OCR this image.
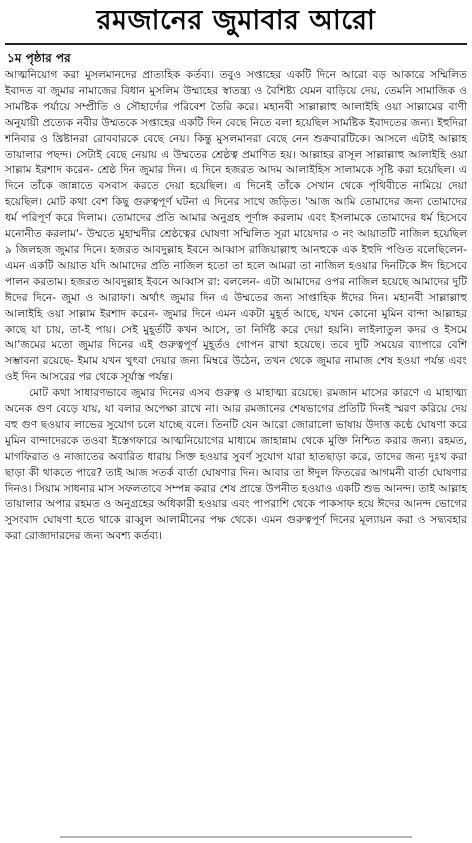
রমজানের জুমাবার আরো
১ম পৃষ্ঠার পর

আত্মনিয়োগ করা মুসলমানদের প্রাত্যহিক কর্তব্য। তবুও সপ্তাহের একটি দিনে আরো বড় আকারে সম্মিলিত ইবাদত বা জুমার নামাজের বিধান মুসলিম উম্মাহের স্বাতন্ত্র্য ও বৈশিষ্ট্য যেমন বাড়িয়ে দেয়, তেমনি সামাজিক ও সামষ্টিক পর্যায়ে সম্প্রীতি ও সৌহার্দ্যের পরিবেশ তৈরি করে। মহানবী সাল্লাল্লাহু আলাইহি ওয়া সাল্লামের বাণী অনুযায়ী প্রত্যেক নবীর উম্মতকে সপ্তাহের একটি দিন বেছে নিতে বলা হয়েছিল সামষ্টিক ইবাদতের জন্য। ইহুদিরা শনিবার ও খ্রিষ্টানরা রোববারকে বেছে নেয়। কিন্তু মুসলমানরা বেছে নেন শুক্রবারটিকে। আসলে এটাই আল্লাহ তায়ালার পছন্দ। সেটাই বেছে নেয়ায় এ উম্মতের শ্রেষ্ঠত্ব প্রমাণিত হয়। আল্লাহর রাসূল সাল্লাল্লাহু আলাইহি ওয়া সাল্লাম ইরশাদ করেন- শ্রেষ্ঠ দিন জুমার দিন। এ দিনে হজরত আদম আলাইহিস সালামকে সৃষ্টি করা হয়েছিল। এ দিনে তাঁকে জান্নাতে বসবাস করতে দেয়া হয়েছিল। এ দিনেই তাঁকে সেখান থেকে পৃথিবীতে নামিয়ে দেয়া হয়েছিল। মোট কথা বেশ কিছু গুরুত্বপূর্ণ ঘটনা এ দিনের সাথে জড়িত। 'আজ আমি তোমাদের জন্য তোমাদের ধর্ম পরিপূর্ণ করে দিলাম। তোমাদের প্রতি আমার অনুগ্রহ পূর্ণাঙ্গ করলাম এবং ইসলামকে তোমাদের ধর্ম হিসেবে মনোনীত করলাম'- উম্মতে মুহাম্মদীর শ্রেষ্ঠত্বের ঘোষণা সম্মিলিত সূরা মায়েদার ৩ নং আয়াতটি নাজিল হয়েছিল ৯ জিলহজ জুমার দিনে। হজরত আবদুল্লাহ ইবনে আব্বাস রাজিয়াল্লাহু আনহুকে এক ইহুদি পণ্ডিত বলেছিলেন- এমন একটি আয়াত যদি আমাদের প্রতি নাজিল হতো তা হলে আমরা তা নাজিল হওয়ার দিনটিকে ঈদ হিসেবে পালন করতাম। হজরত আবদুল্লাহ ইবনে আব্বাস রা: বললেন- এটা আমাদের ওপর নাজিল হয়েছে আমাদের দুটি ঈদের দিনে- জুমা ও আরাফা। অর্থাৎ জুমার দিন এ উম্মতের জন্য সাপ্তাহিক ঈদের দিন। মহানবী সাল্লাল্লাহু আলাইহি ওয়া সাল্লাম ইরশাদ করেন- জুমার দিনে এমন একটা মুহূর্ত আছে, যখন কোনো মুমিন বান্দা আল্লাহর কাছে যা চায়, তা-ই পায়। সেই মুহূর্তটি কখন আসে, তা নির্দিষ্ট করে দেয়া হয়নি। লাইলাতুল কদর ও ইসমে আ'জমের মতো জুমার দিনের এই গুরুত্বপূর্ণ মুহূর্তও গোপন রাখা হয়েছে। তবে দুটি সময়ের ব্যাপারে বেশি সম্ভাবনা রয়েছে- ইমাম যখন খুৎবা দেয়ার জন্য মিম্বরে উঠেন, তখন থেকে জুমার নামাজ শেষ হওয়া পর্যন্ত এবং ওই দিন আসরের পর থেকে সূর্যাস্ত পর্যন্ত।

মোট কথা সাধারণভাবে জুমার দিনের এসব গুরুত্ব ও মাহাত্ম্য রয়েছে। রমজান মাসের কারণে এ মাহাত্ম্য অনেক গুণ বেড়ে যায়, যা বলার অপেক্ষা রাখে না। আর রমজানের শেষভাগের প্রতিটি দিনই স্মরণ করিয়ে দেয় বহু গুণ ছওয়াব লাভের সুযোগ চলে যাচ্ছে বলে। তিনটি যেন আরো জোরালো ভাষায় উদাত্ত কণ্ঠে ঘোষণা করে মুমিন বান্দাদেরকে তওবা ইস্তেগফারে আত্মনিয়োগের মাধ্যমে জাহান্নাম থেকে মুক্তি নিশ্চিত করার জন্য। রহমত, মাগফিরাত ও নাজাতের অবারিত ধারায় সিক্ত হওয়ার সুবর্ণ সুযোগ যারা হাতছাড়া করে, তাদের জন্য দুঃখ করা ছাড়া কী থাকতে পারে? তাই আজ সতর্ক বার্তা ঘোষণার দিন। আবার তা ঈদুল ফিতরের আগমনী বার্তা ঘোষণার দিনও। সিয়াম সাধনার মাস সফলতাবে সম্পন্ন করার শেষ প্রান্তে উপনীত হওয়াও একটি শুভ আনন্দ। তাই আল্লাহ তায়ালার অপার রহমত ও অনুগ্রহের অধিকারী হওয়ার এবং পাপরাশি থেকে পাকসাফ হয়ে ঈদের আনন্দ ভোগের সুসংবাদ ঘোষণা হতে থাকে রাব্বুল আলামীনের পক্ষ থেকে। এমন গুরুত্বপূর্ণ দিনের মূল্যায়ন করা ও সদ্ব্যবহার করা রোজাদারদের জন্য অবশ্য কর্তব্য।
